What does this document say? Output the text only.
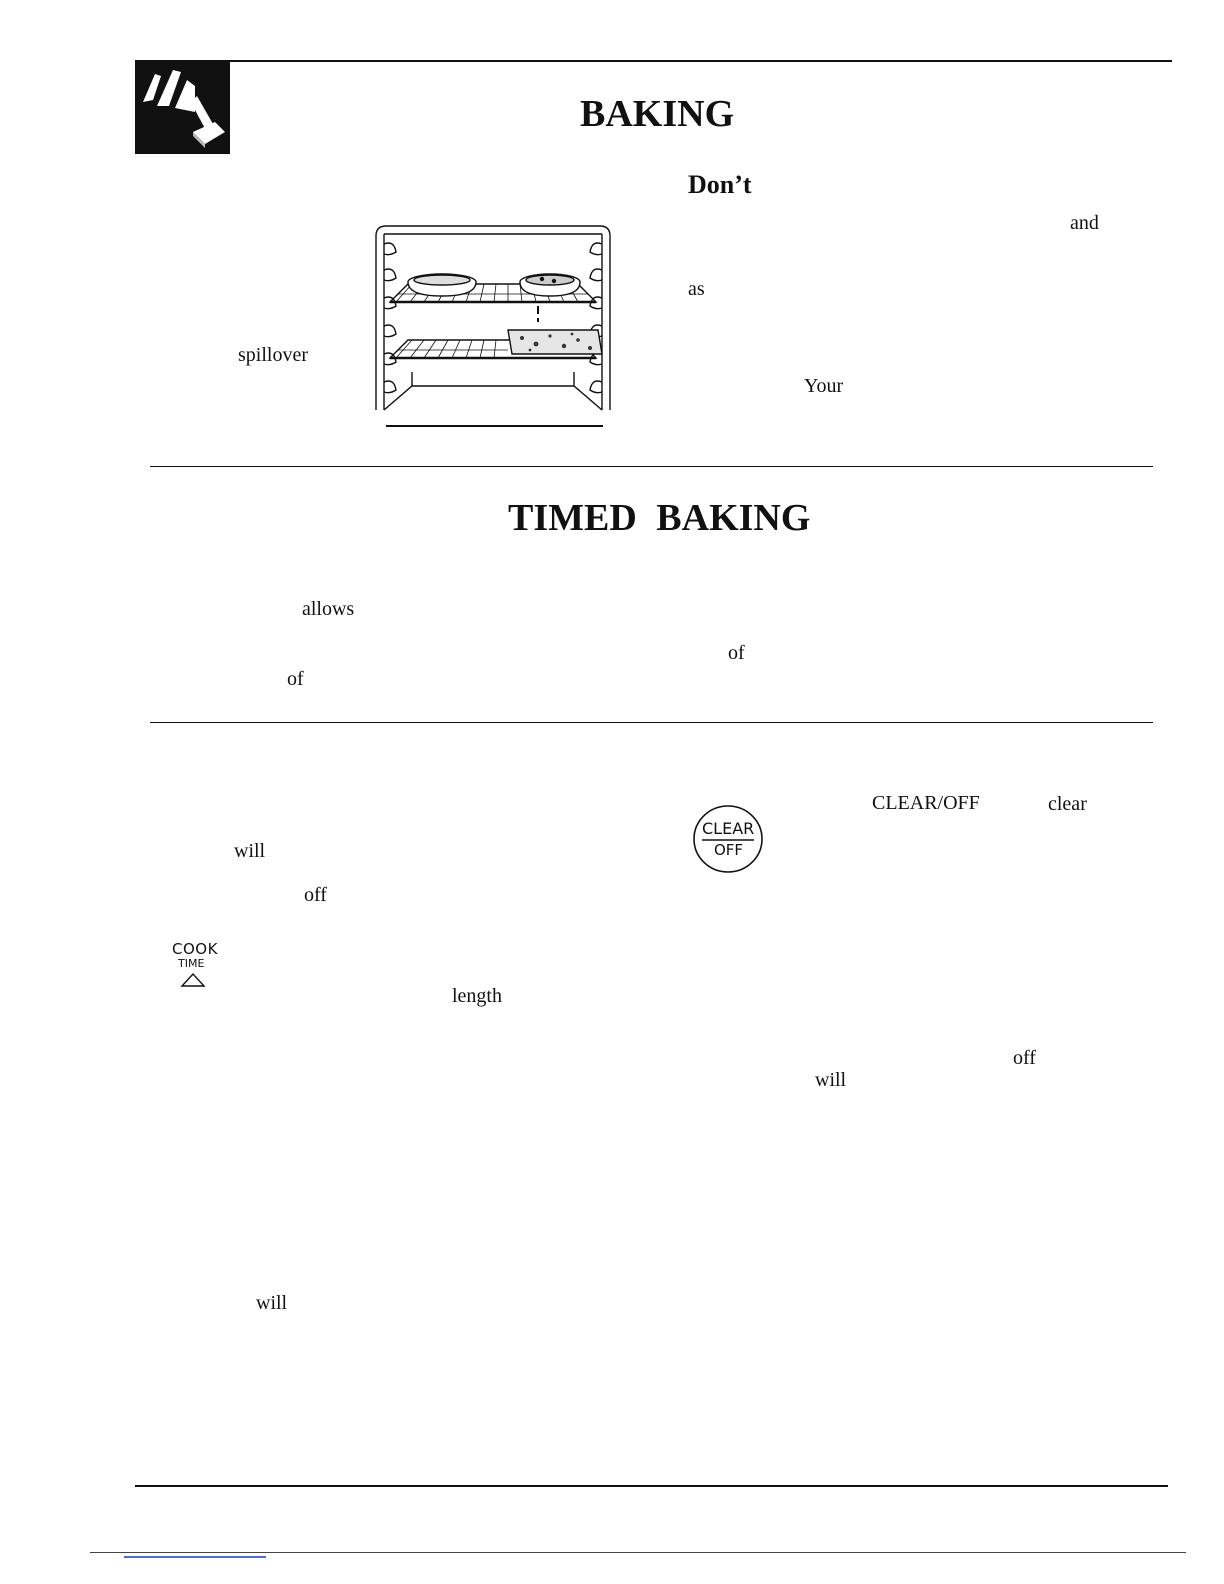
BAKING
Don’t
and
as
spillover
Your
TIMED BAKING
allows
of
of
will
off
COOK
TIME
length
will
CLEAR
OFF
CLEAR/OFF	clear
off
will
